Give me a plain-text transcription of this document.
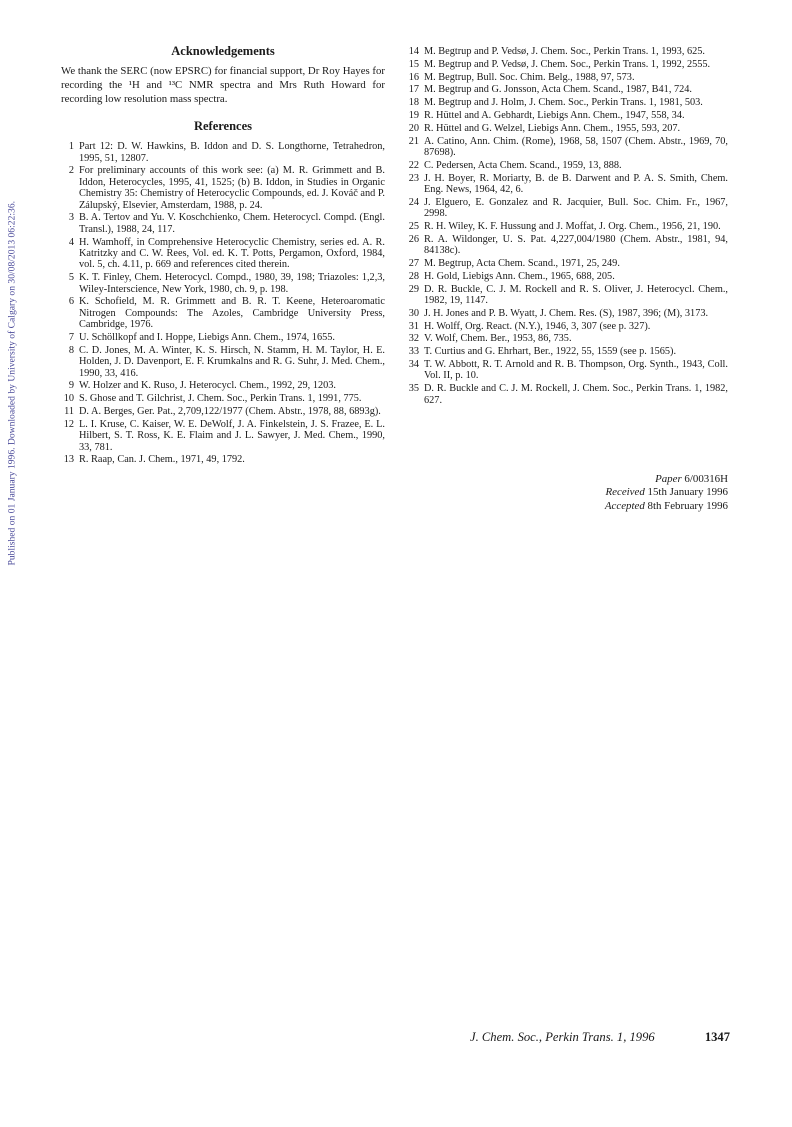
Published on 01 January 1996. Downloaded by University of Calgary on 30/08/2013 06:22:36.
Acknowledgements

We thank the SERC (now EPSRC) for financial support, Dr Roy Hayes for recording the ¹H and ¹³C NMR spectra and Mrs Ruth Howard for recording low resolution mass spectra.

References
1 Part 12: D. W. Hawkins, B. Iddon and D. S. Longthorne, Tetrahedron, 1995, 51, 12807.
2 For preliminary accounts of this work see: (a) M. R. Grimmett and B. Iddon, Heterocycles, 1995, 41, 1525; (b) B. Iddon, in Studies in Organic Chemistry 35: Chemistry of Heterocyclic Compounds, ed. J. Kováč and P. Zálupský, Elsevier, Amsterdam, 1988, p. 24.
3 B. A. Tertov and Yu. V. Koschchienko, Chem. Heterocycl. Compd. (Engl. Transl.), 1988, 24, 117.
4 H. Wamhoff, in Comprehensive Heterocyclic Chemistry, series ed. A. R. Katritzky and C. W. Rees, Vol. ed. K. T. Potts, Pergamon, Oxford, 1984, vol. 5, ch. 4.11, p. 669 and references cited therein.
5 K. T. Finley, Chem. Heterocycl. Compd., 1980, 39, 198; Triazoles: 1,2,3, Wiley-Interscience, New York, 1980, ch. 9, p. 198.
6 K. Schofield, M. R. Grimmett and B. R. T. Keene, Heteroaromatic Nitrogen Compounds: The Azoles, Cambridge University Press, Cambridge, 1976.
7 U. Schöllkopf and I. Hoppe, Liebigs Ann. Chem., 1974, 1655.
8 C. D. Jones, M. A. Winter, K. S. Hirsch, N. Stamm, H. M. Taylor, H. E. Holden, J. D. Davenport, E. F. Krumkalns and R. G. Suhr, J. Med. Chem., 1990, 33, 416.
9 W. Holzer and K. Ruso, J. Heterocycl. Chem., 1992, 29, 1203.
10 S. Ghose and T. Gilchrist, J. Chem. Soc., Perkin Trans. 1, 1991, 775.
11 D. A. Berges, Ger. Pat., 2,709,122/1977 (Chem. Abstr., 1978, 88, 6893g).
12 L. I. Kruse, C. Kaiser, W. E. DeWolf, J. A. Finkelstein, J. S. Frazee, E. L. Hilbert, S. T. Ross, K. E. Flaim and J. L. Sawyer, J. Med. Chem., 1990, 33, 781.
13 R. Raap, Can. J. Chem., 1971, 49, 1792.
14 M. Begtrup and P. Vedsø, J. Chem. Soc., Perkin Trans. 1, 1993, 625.
15 M. Begtrup and P. Vedsø, J. Chem. Soc., Perkin Trans. 1, 1992, 2555.
16 M. Begtrup, Bull. Soc. Chim. Belg., 1988, 97, 573.
17 M. Begtrup and G. Jonsson, Acta Chem. Scand., 1987, B41, 724.
18 M. Begtrup and J. Holm, J. Chem. Soc., Perkin Trans. 1, 1981, 503.
19 R. Hüttel and A. Gebhardt, Liebigs Ann. Chem., 1947, 558, 34.
20 R. Hüttel and G. Welzel, Liebigs Ann. Chem., 1955, 593, 207.
21 A. Catino, Ann. Chim. (Rome), 1968, 58, 1507 (Chem. Abstr., 1969, 70, 87698).
22 C. Pedersen, Acta Chem. Scand., 1959, 13, 888.
23 J. H. Boyer, R. Moriarty, B. de B. Darwent and P. A. S. Smith, Chem. Eng. News, 1964, 42, 6.
24 J. Elguero, E. Gonzalez and R. Jacquier, Bull. Soc. Chim. Fr., 1967, 2998.
25 R. H. Wiley, K. F. Hussung and J. Moffat, J. Org. Chem., 1956, 21, 190.
26 R. A. Wildonger, U. S. Pat. 4,227,004/1980 (Chem. Abstr., 1981, 94, 84138c).
27 M. Begtrup, Acta Chem. Scand., 1971, 25, 249.
28 H. Gold, Liebigs Ann. Chem., 1965, 688, 205.
29 D. R. Buckle, C. J. M. Rockell and R. S. Oliver, J. Heterocycl. Chem., 1982, 19, 1147.
30 J. H. Jones and P. B. Wyatt, J. Chem. Res. (S), 1987, 396; (M), 3173.
31 H. Wolff, Org. React. (N.Y.), 1946, 3, 307 (see p. 327).
32 V. Wolf, Chem. Ber., 1953, 86, 735.
33 T. Curtius and G. Ehrhart, Ber., 1922, 55, 1559 (see p. 1565).
34 T. W. Abbott, R. T. Arnold and R. B. Thompson, Org. Synth., 1943, Coll. Vol. II, p. 10.
35 D. R. Buckle and C. J. M. Rockell, J. Chem. Soc., Perkin Trans. 1, 1982, 627.
Paper 6/00316H
Received 15th January 1996
Accepted 8th February 1996
J. Chem. Soc., Perkin Trans. 1, 1996	1347
